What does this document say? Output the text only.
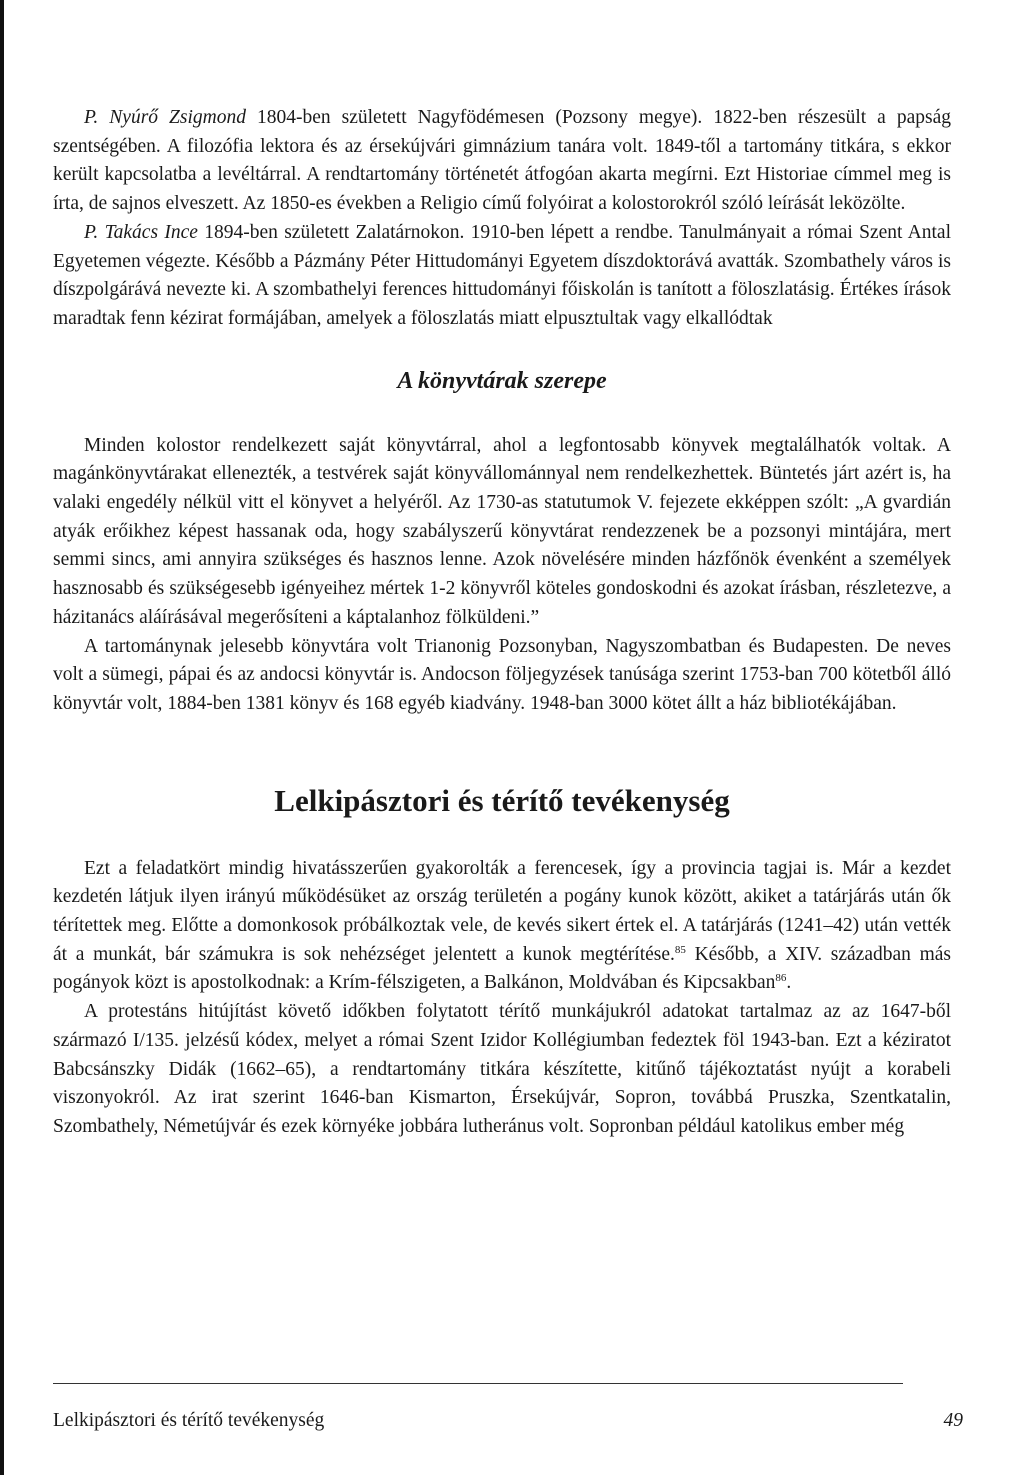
P. Nyúrő Zsigmond 1804-ben született Nagyfödémesen (Pozsony megye). 1822-ben részesült a papság szentségében. A filozófia lektora és az érsekújvári gimnázium tanára volt. 1849-től a tartomány titkára, s ekkor került kapcsolatba a levéltárral. A rendtartomány történetét átfogóan akarta megírni. Ezt Historiae címmel meg is írta, de sajnos elveszett. Az 1850-es években a Religio című folyóirat a kolostorokról szóló leírását leközölte.

P. Takács Ince 1894-ben született Zalatárnokon. 1910-ben lépett a rendbe. Tanulmányait a római Szent Antal Egyetemen végezte. Később a Pázmány Péter Hittudományi Egyetem díszdoktorává avatták. Szombathely város is díszpolgárává nevezte ki. A szombathelyi ferences hittudományi főiskolán is tanított a föloszlatásig. Értékes írások maradtak fenn kézirat formájában, amelyek a föloszlatás miatt elpusztultak vagy elkallódtak

A könyvtárak szerepe

Minden kolostor rendelkezett saját könyvtárral, ahol a legfontosabb könyvek megtalálhatók voltak. A magánkönyvtárakat ellenezték, a testvérek saját könyvállománnyal nem rendelkezhettek. Büntetés járt azért is, ha valaki engedély nélkül vitt el könyvet a helyéről. Az 1730-as statutumok V. fejezete ekképpen szólt: „A gvardián atyák erőikhez képest hassanak oda, hogy szabályszerű könyvtárat rendezzenek be a pozsonyi mintájára, mert semmi sincs, ami annyira szükséges és hasznos lenne. Azok növelésére minden házfőnök évenként a személyek hasznosabb és szükségesebb igényeihez mértek 1-2 könyvről köteles gondoskodni és azokat írásban, részletezve, a házitanács aláírásával megerősíteni a káptalanhoz fölküldeni.”

A tartománynak jelesebb könyvtára volt Trianonig Pozsonyban, Nagyszombatban és Budapesten. De neves volt a sümegi, pápai és az andocsi könyvtár is. Andocson följegyzések tanúsága szerint 1753-ban 700 kötetből álló könyvtár volt, 1884-ben 1381 könyv és 168 egyéb kiadvány. 1948-ban 3000 kötet állt a ház bibliotékájában.

Lelkipásztori és térítő tevékenység

Ezt a feladatkört mindig hivatásszerűen gyakorolták a ferencesek, így a provincia tagjai is. Már a kezdet kezdetén látjuk ilyen irányú működésüket az ország területén a pogány kunok között, akiket a tatárjárás után ők térítettek meg. Előtte a domonkosok próbálkoztak vele, de kevés sikert értek el. A tatárjárás (1241–42) után vették át a munkát, bár számukra is sok nehézséget jelentett a kunok megtérítése.$^{85}$ Később, a XIV. században más pogányok közt is apostolkodnak: a Krím-félszigeten, a Balkánon, Moldvában és Kipcsakban$^{86}$.

A protestáns hitújítást követő időkben folytatott térítő munkájukról adatokat tartalmaz az az 1647-ből származó I/135. jelzésű kódex, melyet a római Szent Izidor Kollégiumban fedeztek föl 1943-ban. Ezt a kéziratot Babcsánszky Didák (1662–65), a rendtartomány titkára készítette, kitűnő tájékoztatást nyújt a korabeli viszonyokról. Az irat szerint 1646-ban Kismarton, Érsekújvár, Sopron, továbbá Pruszka, Szentkatalin, Szombathely, Németújvár és ezek környéke jobbára lutheránus volt. Sopronban például katolikus ember még

Lelkipásztori és térítő tevékenység	49
